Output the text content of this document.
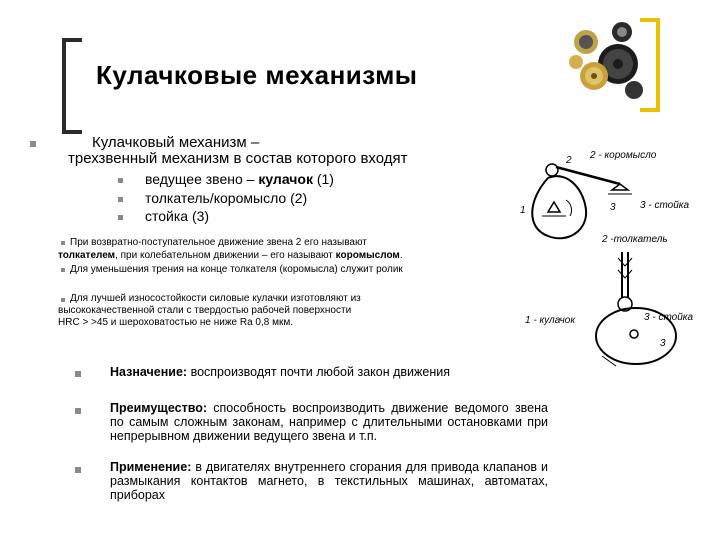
Кулачковые механизмы
Кулачковый механизм –
трехзвенный механизм в состав которого входят
ведущее звено – кулачок (1)
толкатель/коромысло (2)
стойка (3)
При возвратно-поступательное движение звена 2 его называют
толкателем, при колебательном движении – его называют коромыслом.
Для уменьшения трения на конце толкателя (коромысла) служит ролик
Для лучшей износостойкости силовые кулачки изготовляют из
высококачественной стали с твердостью рабочей поверхности
HRC > >45 и шероховатостью не ниже Ra 0,8 мкм.
Назначение: воспроизводят почти любой закон движения
Преимущество: способность воспроизводить движение ведомого звена по самым сложным законам, например с длительными остановками при непрерывном движении ведущего звена и т.п.
Применение: в двигателях внутреннего сгорания для привода клапанов и размыкания контактов магнето, в текстильных машинах, автоматах, приборах
2 - коромысло
2
1	3 3 - стойка
2 -толкатель
1 - кулачок
3
3 - стойка
